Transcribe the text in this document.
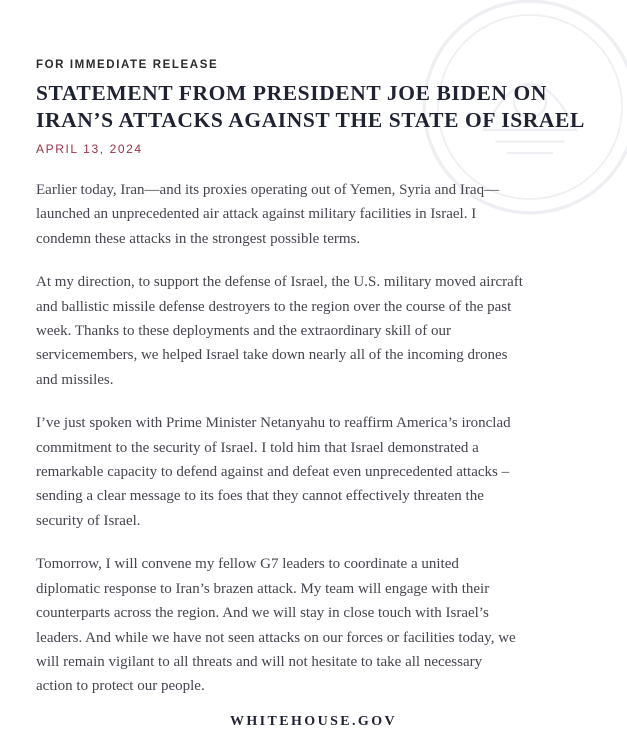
FOR IMMEDIATE RELEASE
STATEMENT FROM PRESIDENT JOE BIDEN ON
IRAN’S ATTACKS AGAINST THE STATE OF ISRAEL
APRIL 13, 2024

Earlier today, Iran—and its proxies operating out of Yemen, Syria and Iraq—
launched an unprecedented air attack against military facilities in Israel. I
condemn these attacks in the strongest possible terms.

At my direction, to support the defense of Israel, the U.S. military moved aircraft
and ballistic missile defense destroyers to the region over the course of the past
week. Thanks to these deployments and the extraordinary skill of our
servicemembers, we helped Israel take down nearly all of the incoming drones
and missiles.

I’ve just spoken with Prime Minister Netanyahu to reaffirm America’s ironclad
commitment to the security of Israel. I told him that Israel demonstrated a
remarkable capacity to defend against and defeat even unprecedented attacks –
sending a clear message to its foes that they cannot effectively threaten the
security of Israel.

Tomorrow, I will convene my fellow G7 leaders to coordinate a united
diplomatic response to Iran’s brazen attack. My team will engage with their
counterparts across the region. And we will stay in close touch with Israel’s
leaders. And while we have not seen attacks on our forces or facilities today, we
will remain vigilant to all threats and will not hesitate to take all necessary
action to protect our people.

WHITEHOUSE.GOV
